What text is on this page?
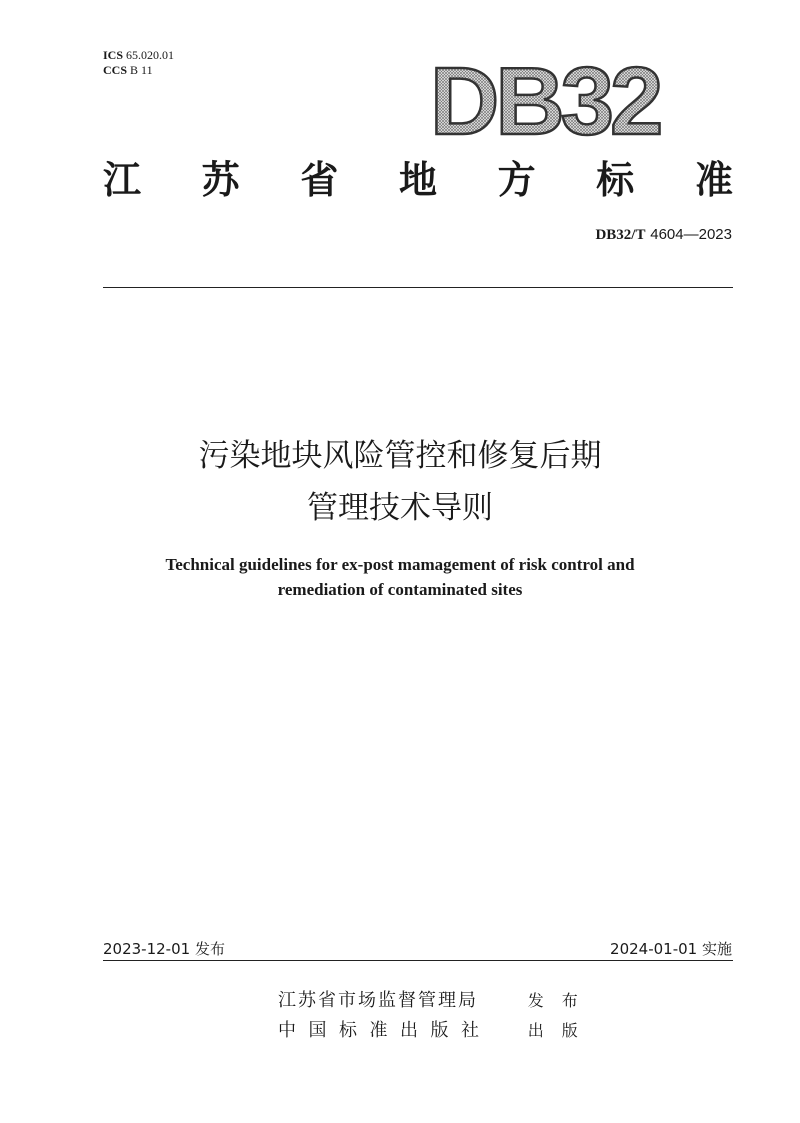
ICS 65.020.01
CCS B 11	DB32
江 苏 省 地 方 标 准
DB32/T 4604—2023
污染地块风险管控和修复后期
管理技术导则
Technical guidelines for ex-post mamagement of risk control and
remediation of contaminated sites
2023-12-01 发布	2024-01-01 实施
江苏省市场监督管理局	发布
中国标准出版社 出版
